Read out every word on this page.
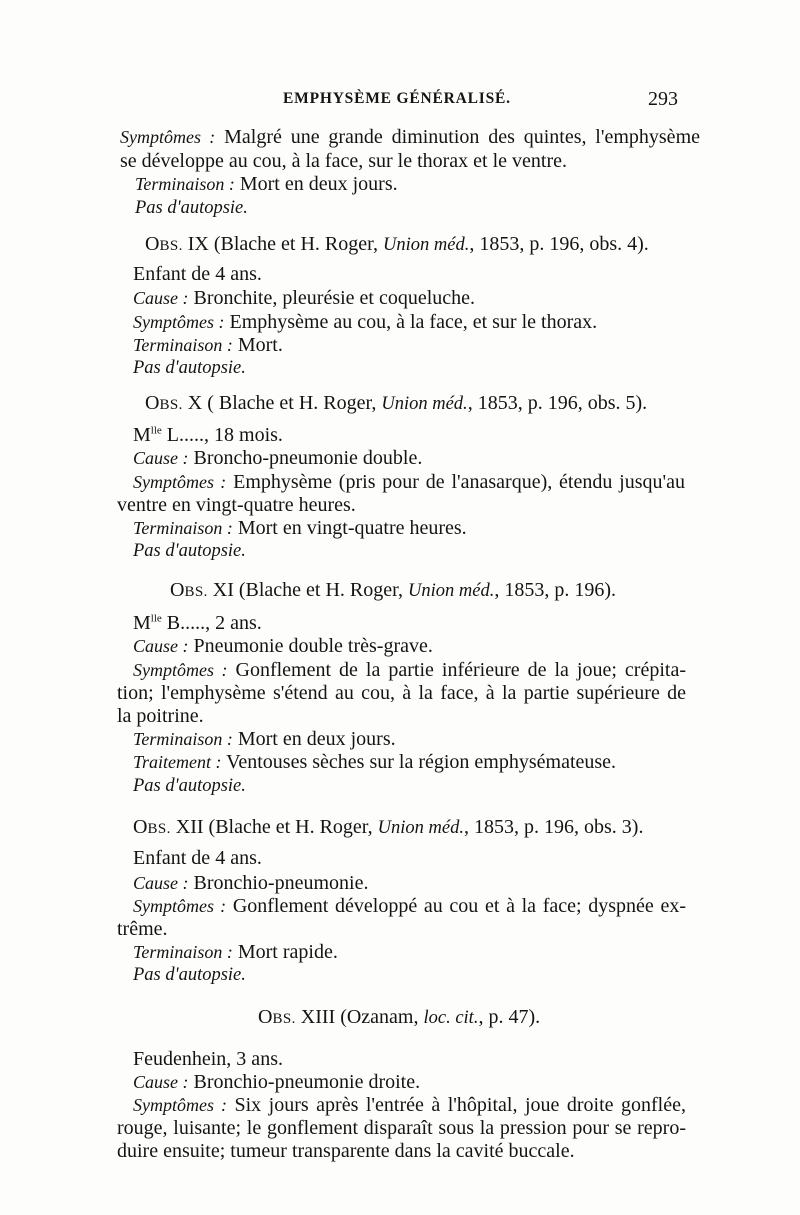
EMPHYSÈME GÉNÉRALISÉ.	293
Symptômes : Malgré une grande diminution des quintes, l'emphysème
se développe au cou, à la face, sur le thorax et le ventre.
Terminaison : Mort en deux jours.
Pas d'autopsie.
OBS. IX (Blache et H. Roger, Union méd., 1853, p. 196, obs. 4).
Enfant de 4 ans.
Cause : Bronchite, pleurésie et coqueluche.
Symptômes : Emphysème au cou, à la face, et sur le thorax.
Terminaison : Mort.
Pas d'autopsie.
OBS. X ( Blache et H. Roger, Union méd., 1853, p. 196, obs. 5).
$M^{lle}$ L....., 18 mois.
Cause : Broncho-pneumonie double.
Symptômes : Emphysème (pris pour de l'anasarque), étendu jusqu'au
ventre en vingt-quatre heures.
Terminaison : Mort en vingt-quatre heures.
Pas d'autopsie.
OBS. XI (Blache et H. Roger, Union méd., 1853, p. 196).
$M^{lle}$ B....., 2 ans.
Cause : Pneumonie double très-grave.
Symptômes : Gonflement de la partie inférieure de la joue; crépita-
tion; l'emphysème s'étend au cou, à la face, à la partie supérieure de
la poitrine.
Terminaison : Mort en deux jours.
Traitement : Ventouses sèches sur la région emphysémateuse.
Pas d'autopsie.
OBS. XII (Blache et H. Roger, Union méd., 1853, p. 196, obs. 3).
Enfant de 4 ans.
Cause : Bronchio-pneumonie.
Symptômes : Gonflement développé au cou et à la face; dyspnée ex-
trême.
Terminaison : Mort rapide.
Pas d'autopsie.
OBS. XIII (Ozanam, loc. cit., p. 47).
Feudenhein, 3 ans.
Cause : Bronchio-pneumonie droite.
Symptômes : Six jours après l'entrée à l'hôpital, joue droite gonflée,
rouge, luisante; le gonflement disparaît sous la pression pour se repro-
duire ensuite; tumeur transparente dans la cavité buccale.
